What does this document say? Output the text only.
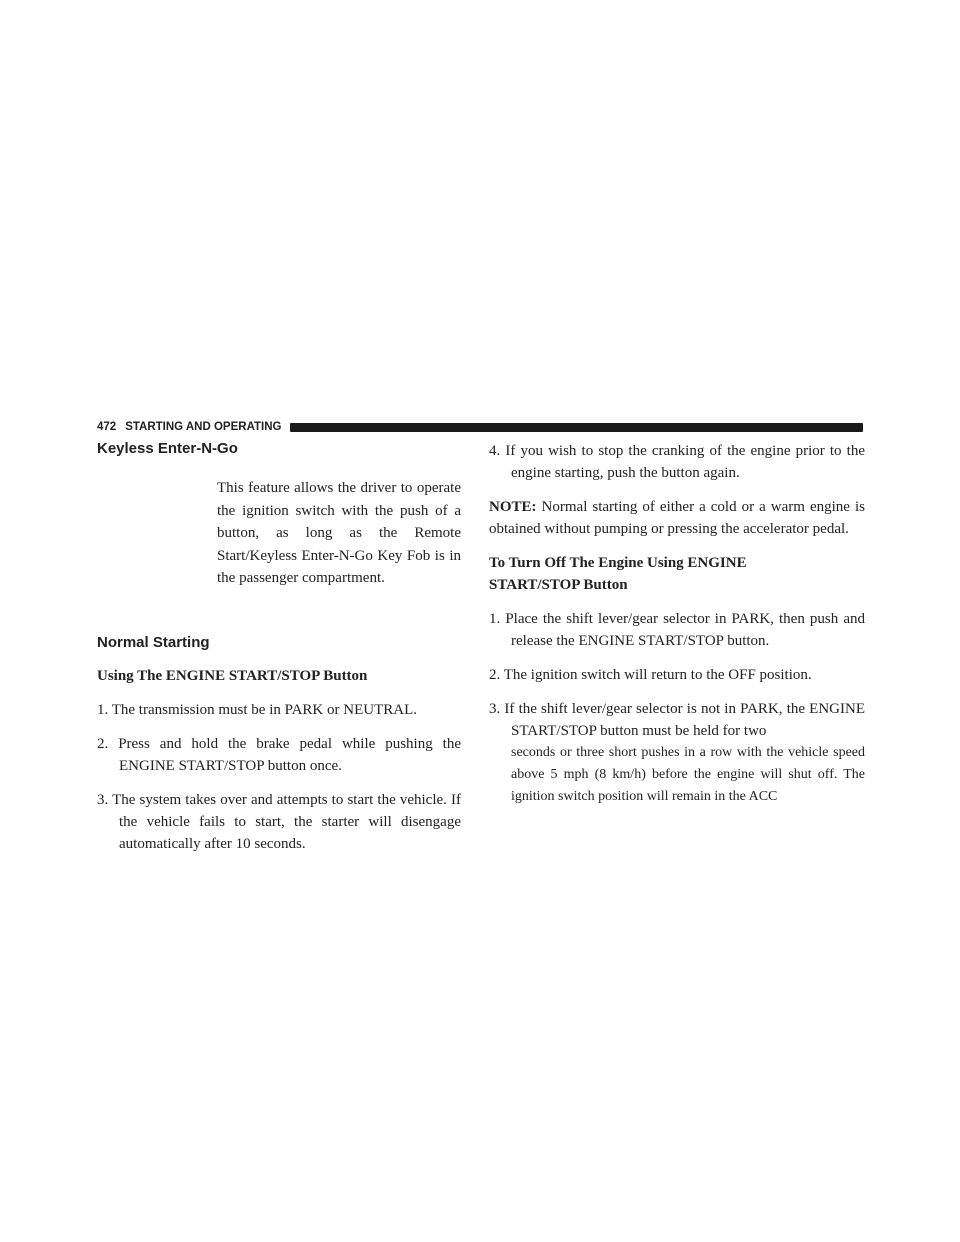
472 STARTING AND OPERATING
Keyless Enter-N-Go

This feature allows the driver to operate the ignition switch with the push of a button, as long as the Remote Start/Keyless Enter-N-Go Key Fob is in the passenger compartment.

Normal Starting
Using The ENGINE START/STOP Button

1. The transmission must be in PARK or NEUTRAL.

2. Press and hold the brake pedal while pushing the ENGINE START/STOP button once.

3. The system takes over and attempts to start the vehicle. If the vehicle fails to start, the starter will disengage automatically after 10 seconds.

4. If you wish to stop the cranking of the engine prior to the engine starting, push the button again.

NOTE: Normal starting of either a cold or a warm engine is obtained without pumping or pressing the accelerator pedal.

To Turn Off The Engine Using ENGINE
START/STOP Button

1. Place the shift lever/gear selector in PARK, then push and release the ENGINE START/STOP button.

2. The ignition switch will return to the OFF position.

3. If the shift lever/gear selector is not in PARK, the ENGINE START/STOP button must be held for two

seconds or three short pushes in a row with the vehicle speed above 5 mph (8 km/h) before the engine will shut off. The ignition switch position will remain in the ACC
